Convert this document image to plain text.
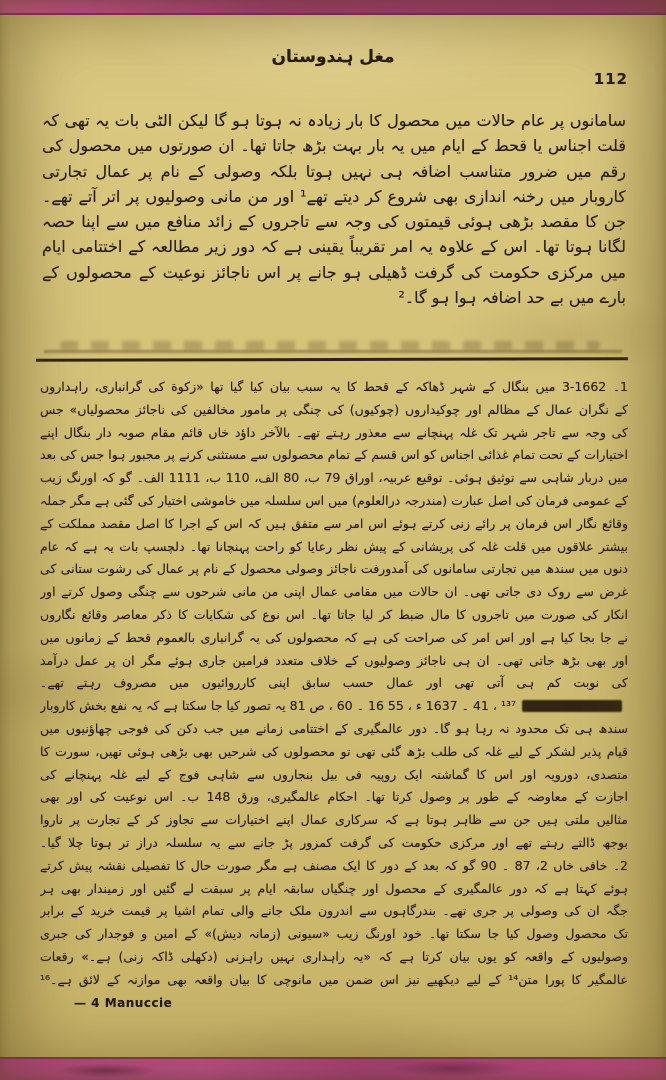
مغل ہندوستان
112
سامانوں پر عام حالات میں محصول کا بار زیادہ نہ ہوتا ہو گا لیکن الٹی بات یہ تھی کہ قلت اجناس یا قحط کے ایام میں یہ بار بہت بڑھ جاتا تھا۔ ان صورتوں میں محصول کی رقم میں ضرور متناسب اضافہ ہی نہیں ہوتا بلکہ وصولی کے نام پر عمال تجارتی کاروبار میں رخنہ اندازی بھی شروع کر دیتے تھے¹ اور من مانی وصولیوں پر اتر آتے تھے۔ جن کا مقصد بڑھی ہوئی قیمتوں کی وجہ سے تاجروں کے زائد منافع میں سے اپنا حصہ لگانا ہوتا تھا۔ اس کے علاوہ یہ امر تقریباً یقینی ہے کہ دور زیر مطالعہ کے اختتامی ایام میں مرکزی حکومت کی گرفت ڈھیلی ہو جانے پر اس ناجائز نوعیت کے محصولوں کے بارے میں بے حد اضافہ ہوا ہو گا۔²
1۔ 1662-3 میں بنگال کے شہر ڈھاکہ کے قحط کا یہ سبب بیان کیا گیا تھا «زکوة کی گرانباری، راہداروں
کے نگران عمال کے مظالم اور چوکیداروں (چوکیوں) کی چنگی پر مامور مخالفین کی ناجائز محصولیاں» جس
کی وجہ سے تاجر شہر تک غلہ پہنچانے سے معذور رہتے تھے۔ بالآخر داؤد خاں قائم مقام صوبہ دار بنگال اپنے
اختیارات کے تحت تمام غذائی اجناس کو اس قسم کے تمام محصولوں سے مستثنی کرنے پر مجبور ہوا جس کی بعد
میں دربار شاہی سے توثیق ہوئی۔ توقیع عربیہ، اوراق 79 ب، 80 الف، 110 ب، 1111 الف۔ گو کہ اورنگ زیب
کے عمومی فرمان کی اصل عبارت (مندرجہ درالعلوم) میں اس سلسلہ میں خاموشی اختیار کی گئی ہے مگر جملہ
وقائع نگار اس فرمان پر رائے زنی کرتے ہوئے اس امر سے متفق ہیں کہ اس کے اجرا کا اصل مقصد مملکت کے
بیشتر علاقوں میں قلت غلہ کی پریشانی کے پیش نظر رعایا کو راحت پہنچانا تھا۔ دلچسپ بات یہ ہے کہ عام
دنوں میں سندھ میں تجارتی سامانوں کی آمدورفت ناجائز وصولی محصول کے نام پر عمال کی رشوت ستانی کی
غرض سے روک دی جاتی تھی۔ ان حالات میں مقامی عمال اپنی من مانی شرحوں سے چنگی وصول کرتے اور
انکار کی صورت میں تاجروں کا مال ضبط کر لیا جاتا تھا۔ اس نوع کی شکایات کا ذکر معاصر وقائع نگاروں
نے جا بجا کیا ہے اور اس امر کی صراحت کی ہے کہ محصولوں کی یہ گرانباری بالعموم قحط کے زمانوں میں
اور بھی بڑھ جاتی تھی۔ ان ہی ناجائز وصولیوں کے خلاف متعدد فرامین جاری ہوئے مگر ان پر عمل درآمد
کی نوبت کم ہی آتی تھی اور عمال حسب سابق اپنی کارروائیوں میں مصروف رہتے تھے۔
¹³⁷ ، 41 ۔ 1637 ء ، 55 16 ۔ 60 ، ص 81 یہ تصور کیا جا سکتا ہے کہ یہ نفع بخش کاروبار
سندھ ہی تک محدود نہ رہا ہو گا۔ دور عالمگیری کے اختتامی زمانے میں جب دکن کی فوجی چھاؤنیوں میں
قیام پذیر لشکر کے لیے غلہ کی طلب بڑھ گئی تھی تو محصولوں کی شرحیں بھی بڑھی ہوئی تھیں، سورت کا
متصدی، دورویہ اور اس کا گماشتہ ایک روپیہ فی بیل بنجاروں سے شاہی فوج کے لیے غلہ پہنچانے کی
اجازت کے معاوضہ کے طور پر وصول کرتا تھا۔ احکام عالمگیری، ورق 148 ب۔ اس نوعیت کی اور بھی
مثالیں ملتی ہیں جن سے ظاہر ہوتا ہے کہ سرکاری عمال اپنے اختیارات سے تجاوز کر کے تجارت پر ناروا
بوجھ ڈالتے رہتے تھے اور مرکزی حکومت کی گرفت کمزور پڑ جانے سے یہ سلسلہ دراز تر ہوتا چلا گیا۔
2۔ خافی خاں 2، 87 ۔ 90 گو کہ بعد کے دور کا ایک مصنف ہے مگر صورت حال کا تفصیلی نقشہ پیش کرتے
ہوئے کہتا ہے کہ دور عالمگیری کے محصول اور چنگیاں سابقہ ایام پر سبقت لے گئیں اور زمیندار بھی ہر
جگہ ان کی وصولی پر جری تھے۔ بندرگاہوں سے اندرون ملک جانے والی تمام اشیا پر قیمت خرید کے برابر
تک محصول وصول کیا جا سکتا تھا۔ خود اورنگ زیب «سیونی (زمانہ دیش)» کے امین و فوجدار کی جبری
وصولیوں کے واقعہ کو یوں بیان کرتا ہے کہ «یہ راہداری نہیں راہزنی (دکھلی ڈاکہ زنی) ہے۔» رقعات
عالمگیر کا پورا متن¹⁴ کے لیے دیکھیے نیز اس ضمن میں مانوچی کا بیان واقعہ بھی موازنہ کے لائق ہے۔¹⁶
— 4 Manuccie
